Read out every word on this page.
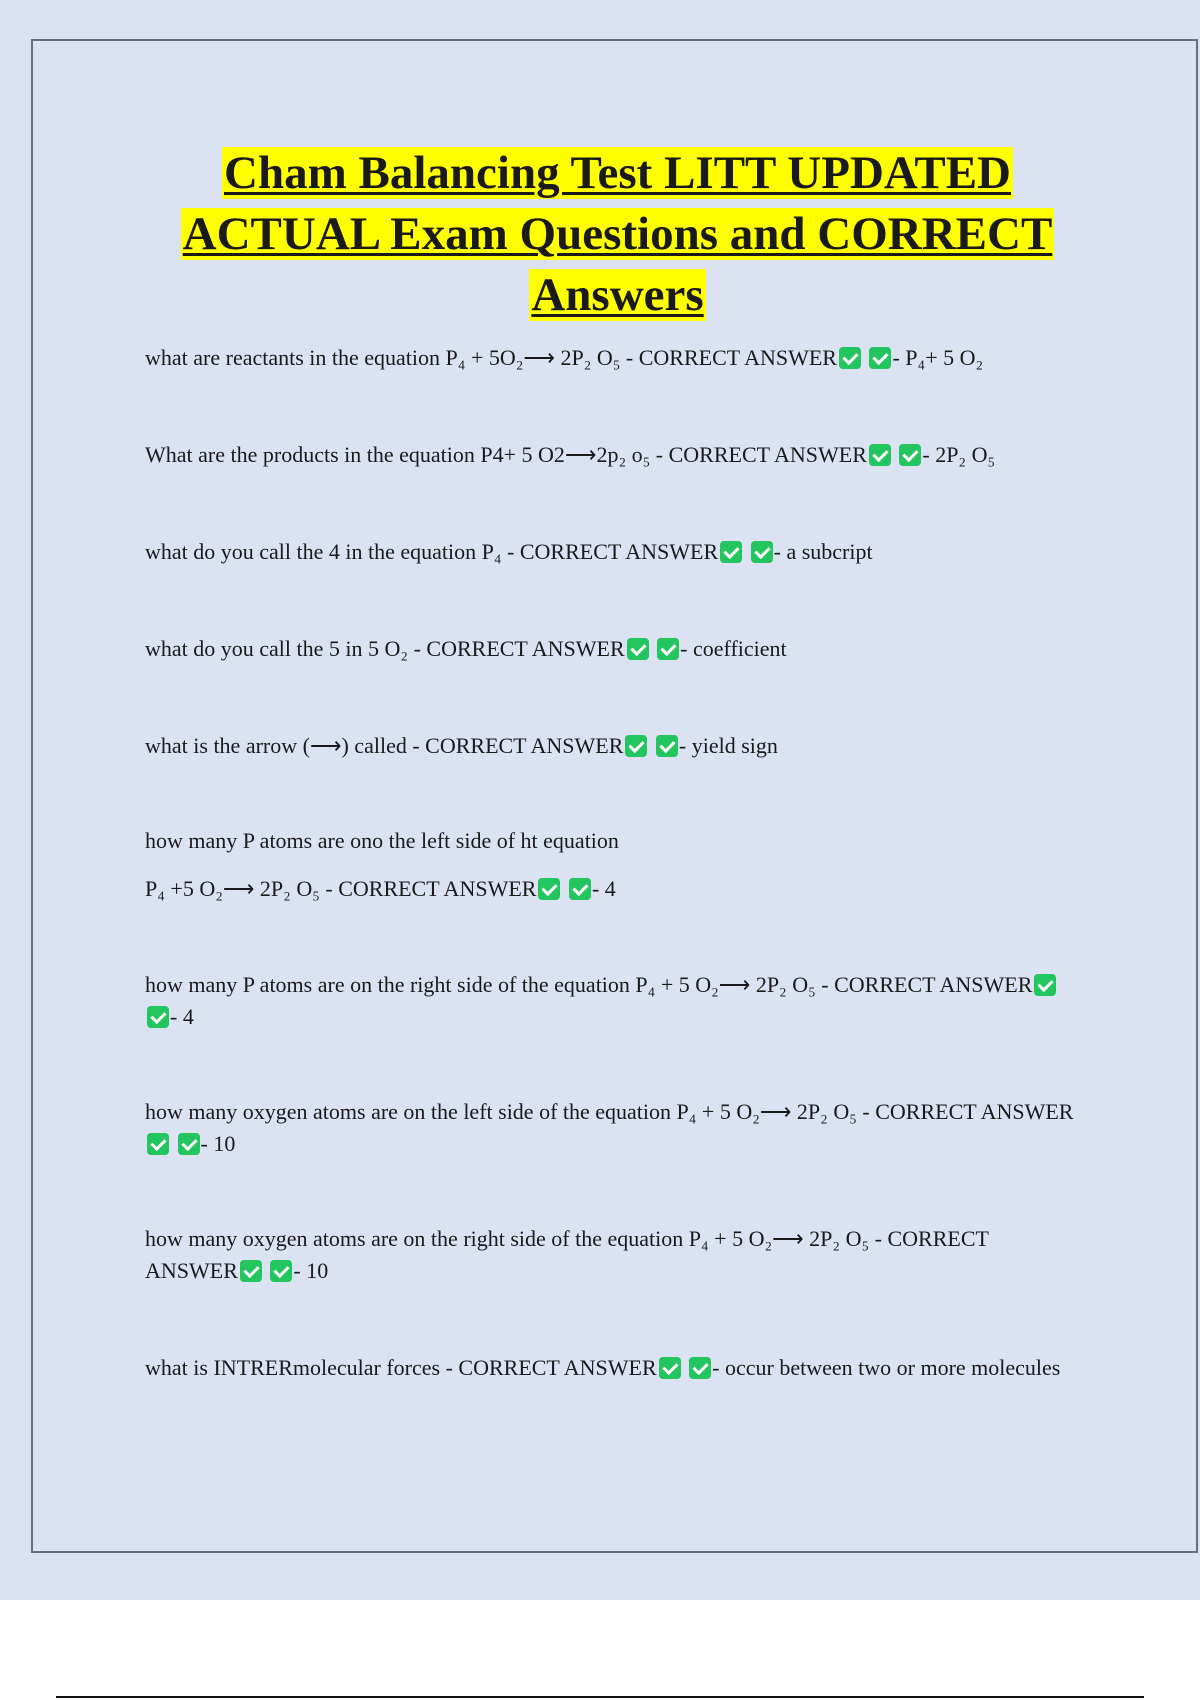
Cham Balancing Test LITT UPDATED
ACTUAL Exam Questions and CORRECT
Answers

what are reactants in the equation P₄ + 5O₂⟶ 2P₂ O₅ - CORRECT ANSWER	- P₄+ 5 O₂

What are the products in the equation P4+ 5 O2⟶2p₂ o₅ - CORRECT ANSWER	- 2P₂ O₅

what do you call the 4 in the equation P₄ - CORRECT ANSWER	- a subcript

what do you call the 5 in 5 O₂ - CORRECT ANSWER	- coefficient

what is the arrow (⟶) called - CORRECT ANSWER	- yield sign

how many P atoms are ono the left side of ht equation

P₄ +5 O₂⟶ 2P₂ O₅ - CORRECT ANSWER	- 4

how many P atoms are on the right side of the equation P₄ + 5 O₂⟶ 2P₂ O₅ - CORRECT ANSWER - 4

how many oxygen atoms are on the left side of the equation P₄ + 5 O₂⟶ 2P₂ O₅ - CORRECT ANSWER - 10

how many oxygen atoms are on the right side of the equation P₄ + 5 O₂⟶ 2P₂ O₅ - CORRECT ANSWER	- 10

what is INTRERmolecular forces - CORRECT ANSWER	- occur between two or more molecules
